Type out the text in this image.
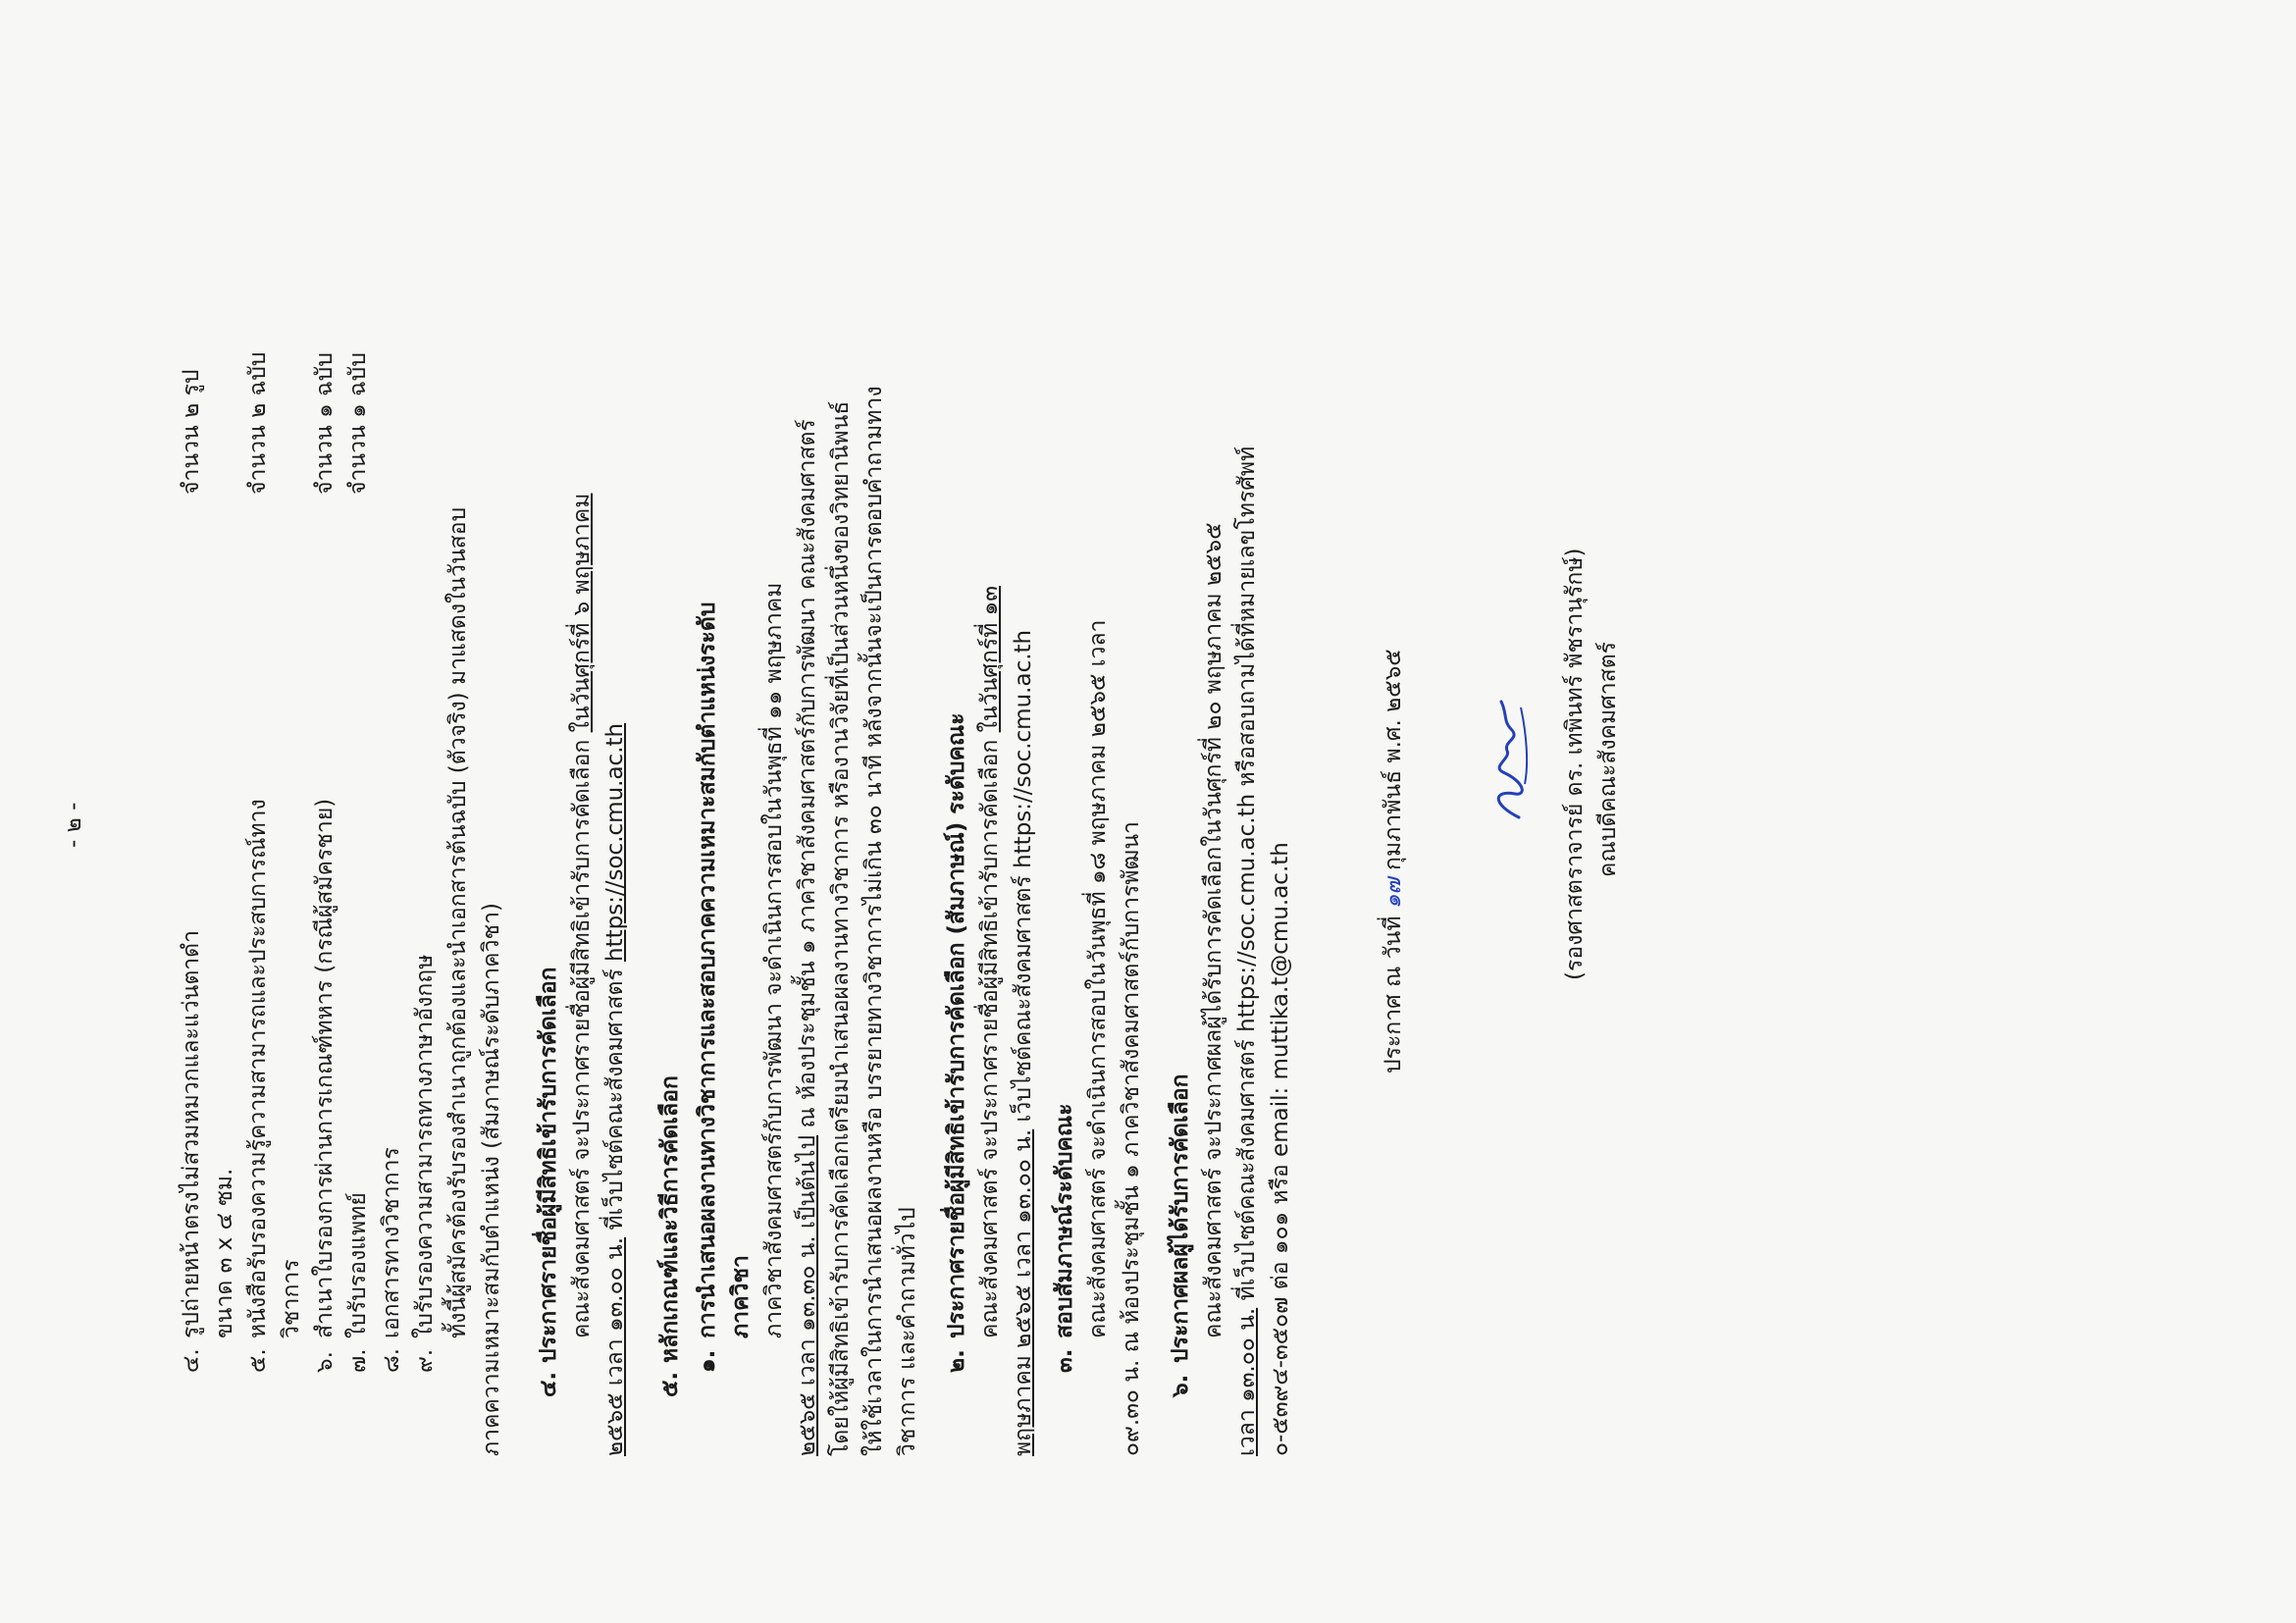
- ๒ -
๔.
รูปถ่ายหน้าตรงไม่สวมหมวกและแว่นตาดำ
จำนวน ๒ รูป
ขนาด ๓ x ๔ ซม.
๕.
หนังสือรับรองความรู้ความสามารถและประสบการณ์ทาง
จำนวน ๒ ฉบับ
วิชาการ
๖.
สำเนาใบรองการผ่านการเกณฑ์ทหาร (กรณีผู้สมัครชาย)
จำนวน ๑ ฉบับ
๗.
ใบรับรองแพทย์
จำนวน ๑ ฉบับ
๘.
เอกสารทางวิชาการ
๙.
ใบรับรองความสามารถทางภาษาอังกฤษ ทั้งนี้ผู้สมัครต้องรับรองสำเนาถูกต้องและนำเอกสารต้นฉบับ (ตัวจริง) มาแสดงในวันสอบ ภาคความเหมาะสมกับตำแหน่ง (สัมภาษณ์ระดับภาควิชา) ๔.
ประกาศรายชื่อผู้มีสิทธิเข้ารับการคัดเลือก คณะสังคมศาสตร์ จะประกาศรายชื่อผู้มีสิทธิเข้ารับการคัดเลือก ในวันศุกร์ที่ ๖ พฤษภาคม
๒๕๖๕ เวลา ๑๓.๐๐ น. ที่เว็บไซต์คณะสังคมศาสตร์ https://soc.cmu.ac.th
๕.
หลักเกณฑ์และวิธีการคัดเลือก ๑.
การนำเสนอผลงานทางวิชาการและสอบภาคความเหมาะสมกับตำแหน่งระดับ ภาควิชา ภาควิชาสังคมศาสตร์กับการพัฒนา จะดำเนินการสอบในวันพุธที่ ๑๑ พฤษภาคม ๒๕๖๕ เวลา ๑๓.๓๐ น. เป็นต้นไป ณ ห้องประชุมชั้น ๑ ภาควิชาสังคมศาสตร์กับการพัฒนา คณะสังคมศาสตร์ โดยให้ผู้มีสิทธิเข้ารับการคัดเลือกเตรียมนำเสนอผลงานทางวิชาการ หรืองานวิจัยที่เป็นส่วนหนึ่งของวิทยานิพนธ์ ให้ใช้เวลาในการนำเสนอผลงานหรือ บรรยายทางวิชาการไม่เกิน ๓๐ นาที หลังจากนั้นจะเป็นการตอบคำถามทาง วิชาการ และคำถามทั่วไป ๒.
ประกาศรายชื่อผู้มีสิทธิเข้ารับการคัดเลือก (สัมภาษณ์) ระดับคณะ คณะสังคมศาสตร์ จะประกาศรายชื่อผู้มีสิทธิเข้ารับการคัดเลือก ในวันศุกร์ที่ ๑๓
พฤษภาคม ๒๕๖๕ เวลา ๑๓.๐๐ น. เว็บไซต์คณะสังคมศาสตร์ https://soc.cmu.ac.th
๓.
สอบสัมภาษณ์ระดับคณะ คณะสังคมศาสตร์ จะดำเนินการสอบในวันพุธที่ ๑๘ พฤษภาคม ๒๕๖๕ เวลา ๐๙.๓๐ น. ณ ห้องประชุมชั้น ๑ ภาควิชาสังคมศาสตร์กับการพัฒนา ๖.
ประกาศผลผู้ได้รับการคัดเลือก คณะสังคมศาสตร์ จะประกาศผลผู้ได้รับการคัดเลือกในวันศุกร์ที่ ๒๐ พฤษภาคม ๒๕๖๕
เวลา ๑๓.๐๐ น. ที่เว็บไซต์คณะสังคมศาสตร์ https://soc.cmu.ac.th หรือสอบถามได้ที่หมายเลขโทรศัพท์ ๐-๕๓๙๔-๓๕๐๗ ต่อ ๑๐๑ หรือ email: muttika.t@cmu.ac.th	ประกาศ ณ วันที่ ๑๗ กุมภาพันธ์ พ.ศ. ๒๕๖๕	(รองศาสตราจารย์ ดร. เทพินทร์ พัชรานุรักษ์) คณบดีคณะสังคมศาสตร์
